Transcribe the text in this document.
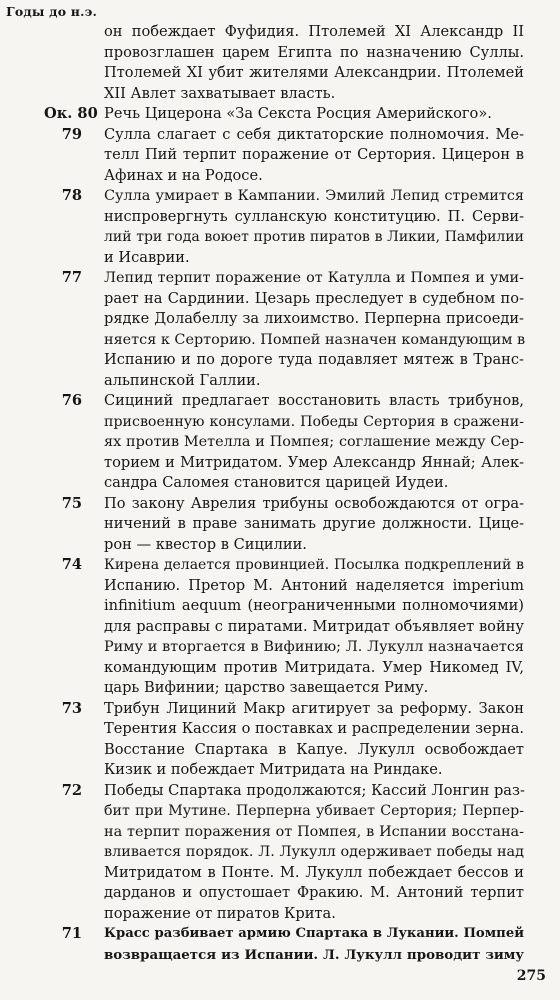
Годы до н.э.
он побеждает Фуфидия. Птолемей XI Александр II
провозглашен царем Египта по назначению Суллы.
Птолемей XI убит жителями Александрии. Птолемей
XII Авлет захватывает власть.
Ок. 80 Речь Цицерона «За Секста Росция Америйского».
79	Сулла слагает с себя диктаторские полномочия. Ме-
телл Пий терпит поражение от Сертория. Цицерон в
Афинах и на Родосе.
78	Сулла умирает в Кампании. Эмилий Лепид стремится
ниспровергнуть сулланскую конституцию. П. Серви-
лий три года воюет против пиратов в Ликии, Памфилии
и Исаврии.
77	Лепид терпит поражение от Катулла и Помпея и уми-
рает на Сардинии. Цезарь преследует в судебном по-
рядке Долабеллу за лихоимство. Перперна присоеди-
няется к Серторию. Помпей назначен командующим в
Испанию и по дороге туда подавляет мятеж в Транс-
альпинской Галлии.
76	Сициний предлагает восстановить власть трибунов,
присвоенную консулами. Победы Сертория в сражени-
ях против Метелла и Помпея; соглашение между Сер-
торием и Митридатом. Умер Александр Яннай; Алек-
сандра Саломея становится царицей Иудеи.
75	По закону Аврелия трибуны освобождаются от огра-
ничений в праве занимать другие должности. Цице-
рон — квестор в Сицилии.
74	Кирена делается провинцией. Посылка подкреплений в
Испанию. Претор М. Антоний наделяется imperium
infinitium aequum (неограниченными полномочиями)
для расправы с пиратами. Митридат объявляет войну
Риму и вторгается в Вифинию; Л. Лукулл назначается
командующим против Митридата. Умер Никомед IV,
царь Вифинии; царство завещается Риму.
73	Трибун Лициний Макр агитирует за реформу. Закон
Терентия Кассия о поставках и распределении зерна.
Восстание Спартака в Капуе. Лукулл освобождает
Кизик и побеждает Митридата на Риндаке.
72	Победы Спартака продолжаются; Кассий Лонгин раз-
бит при Мутине. Перперна убивает Сертория; Перпер-
на терпит поражения от Помпея, в Испании восстана-
вливается порядок. Л. Лукулл одерживает победы над
Митридатом в Понте. М. Лукулл побеждает бессов и
дарданов и опустошает Фракию. М. Антоний терпит
поражение от пиратов Крита.
71	Красс разбивает армию Спартака в Лукании. Помпей
возвращается из Испании. Л. Лукулл проводит зиму
275
